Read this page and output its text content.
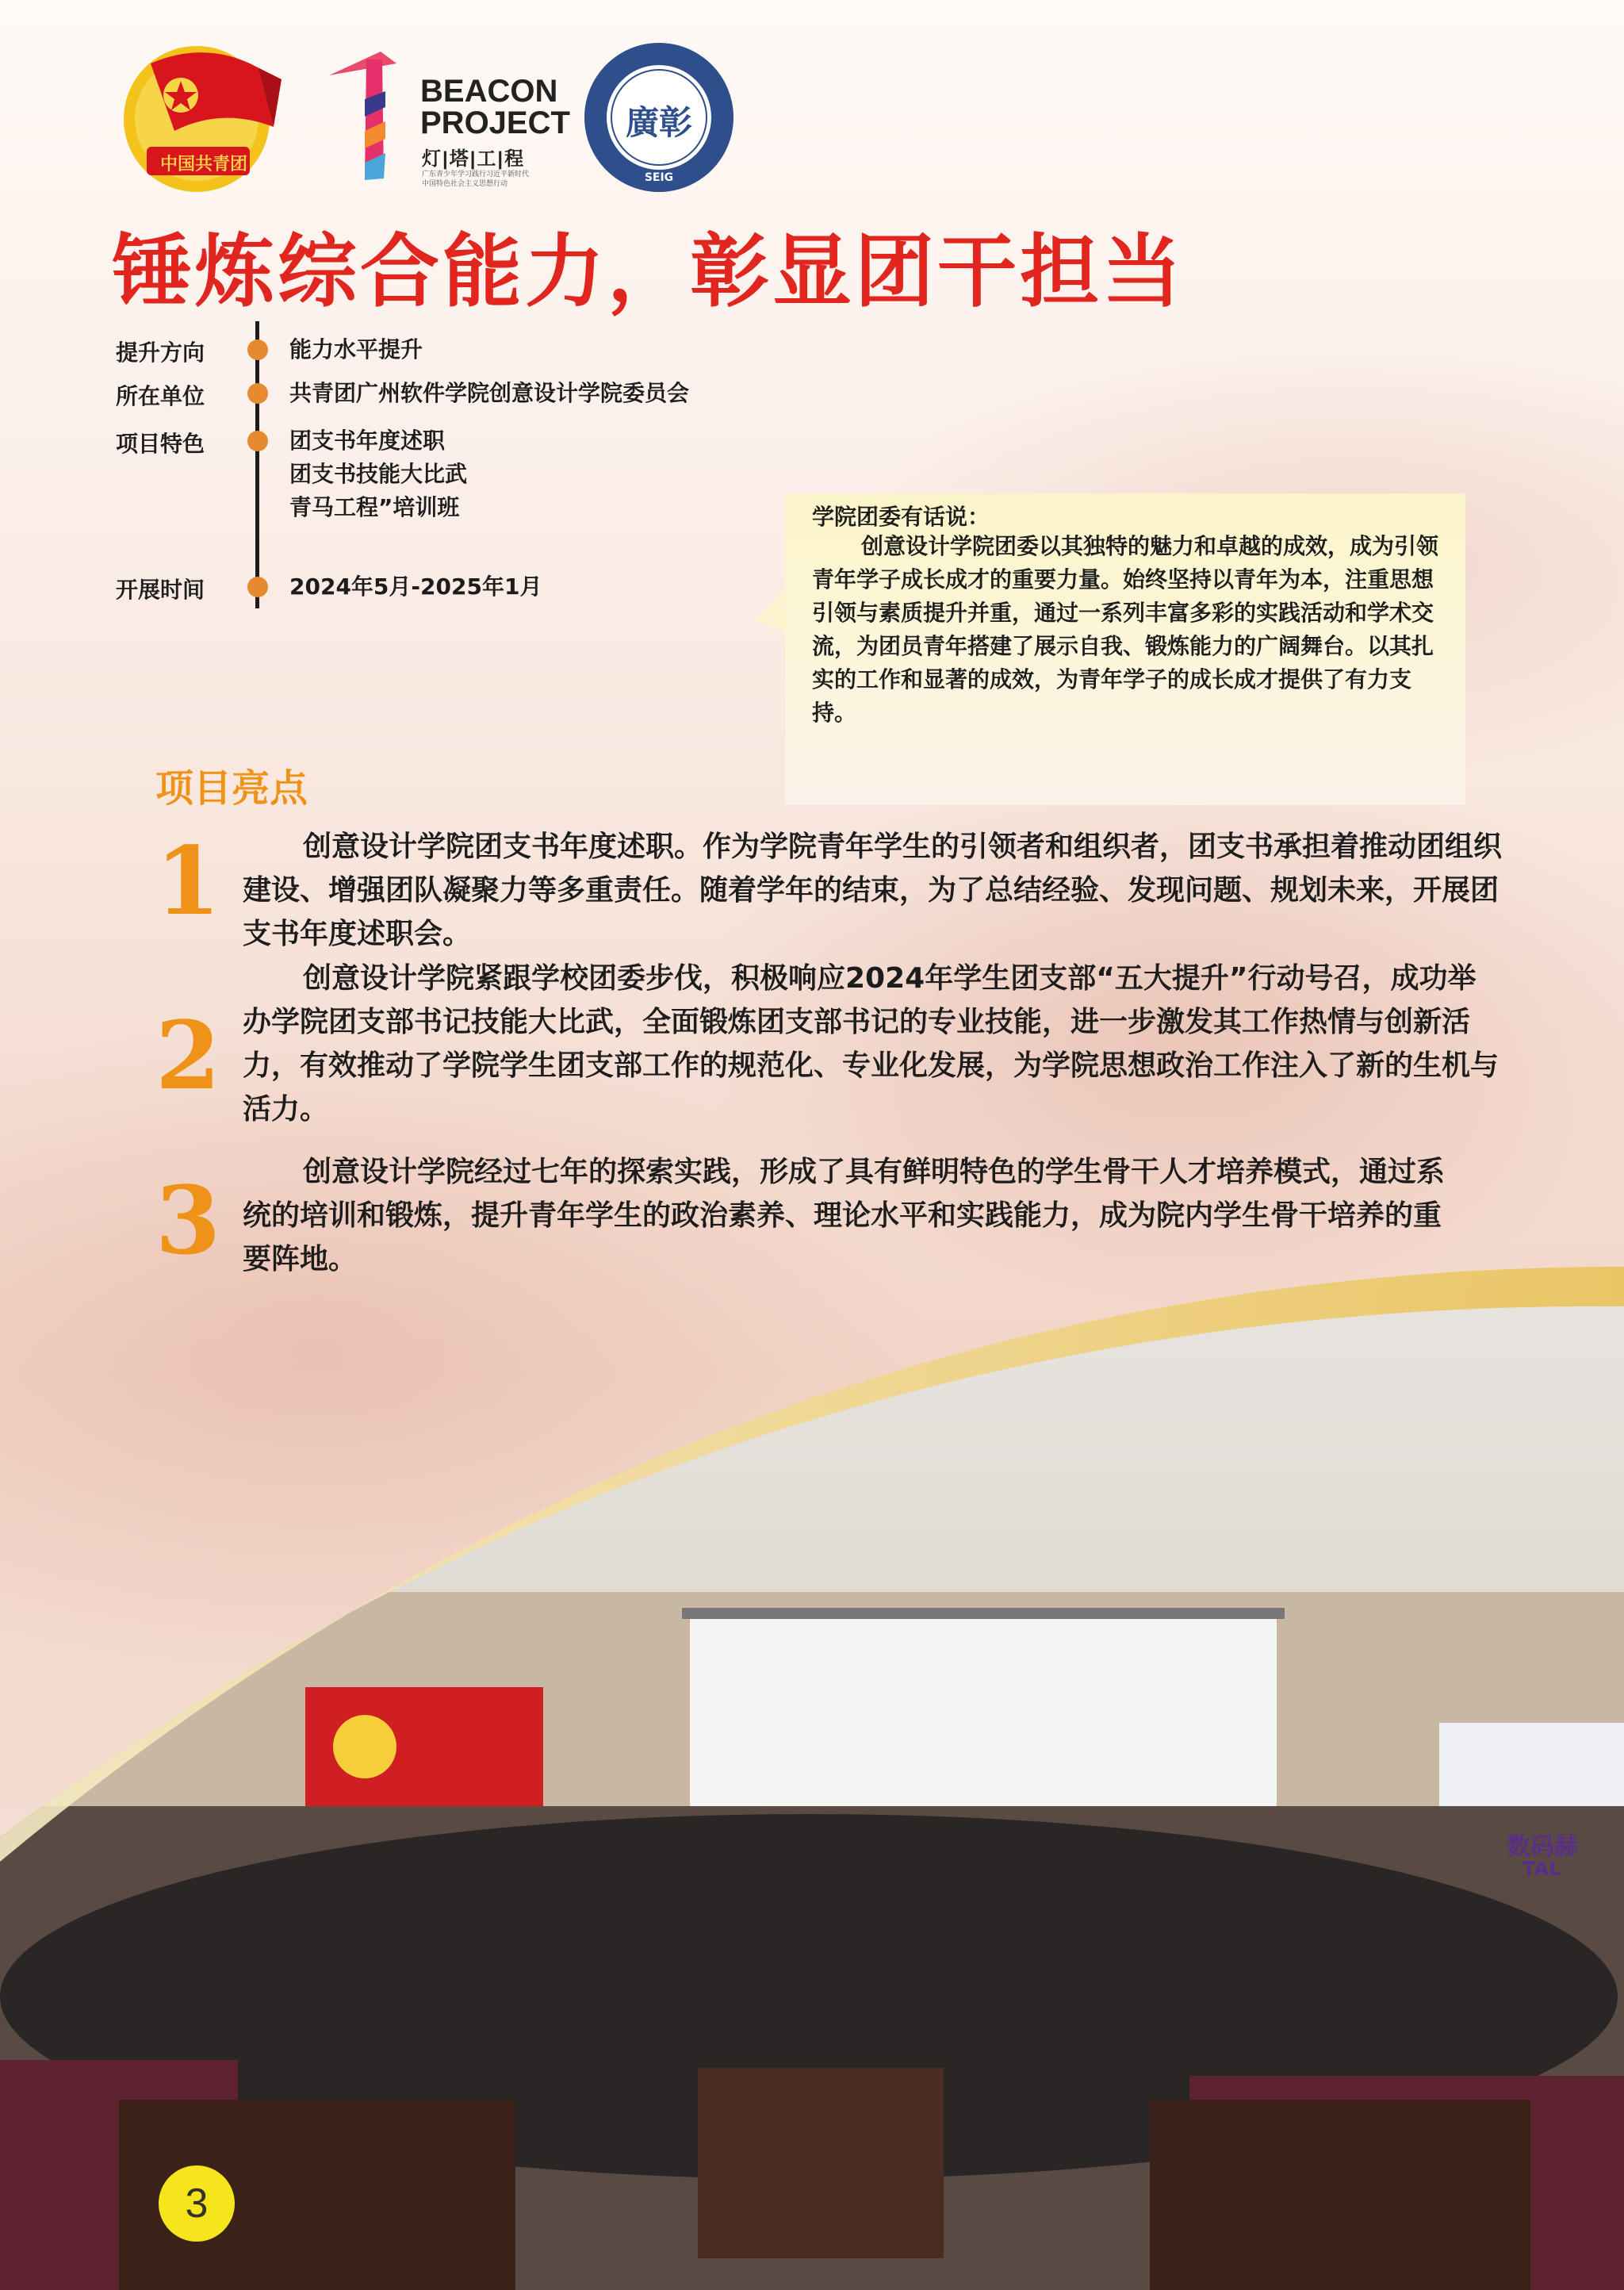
中国共青团
BEACON
PROJECT
灯|塔|工|程
广东青少年学习践行习近平新时代
中国特色社会主义思想行动
廣彰
SEIG
锤炼综合能力，彰显团干担当
提升方向	能力水平提升
所在单位	共青团广州软件学院创意设计学院委员会
项目特色	团支书年度述职
团支书技能大比武
青马工程”培训班
开展时间	2024年5月-2025年1月

学院团委有话说：

创意设计学院团委以其独特的魅力和卓越的成效，成为引领青年学子成长成才的重要力量。始终坚持以青年为本，注重思想引领与素质提升并重，通过一系列丰富多彩的实践活动和学术交流，为团员青年搭建了展示自我、锻炼能力的广阔舞台。以其扎实的工作和显著的成效，为青年学子的成长成才提供了有力支持。

项目亮点
1	创意设计学院团支书年度述职。作为学院青年学生的引领者和组织者，团支书承担着推动团组织建设、增强团队凝聚力等多重责任。随着学年的结束，为了总结经验、发现问题、规划未来，开展团支书年度述职会。

2

创意设计学院紧跟学校团委步伐，积极响应2024年学生团支部“五大提升”行动号召，成功举办学院团支部书记技能大比武，全面锻炼团支部书记的专业技能，进一步激发其工作热情与创新活力，有效推动了学院学生团支部工作的规范化、专业化发展，为学院思想政治工作注入了新的生机与活力。

3	创意设计学院经过七年的探索实践，形成了具有鲜明特色的学生骨干人才培养模式，通过系统的培训和锻炼，提升青年学生的政治素养、理论水平和实践能力，成为院内学生骨干培养的重要阵地。

数码赫
TAL
3
